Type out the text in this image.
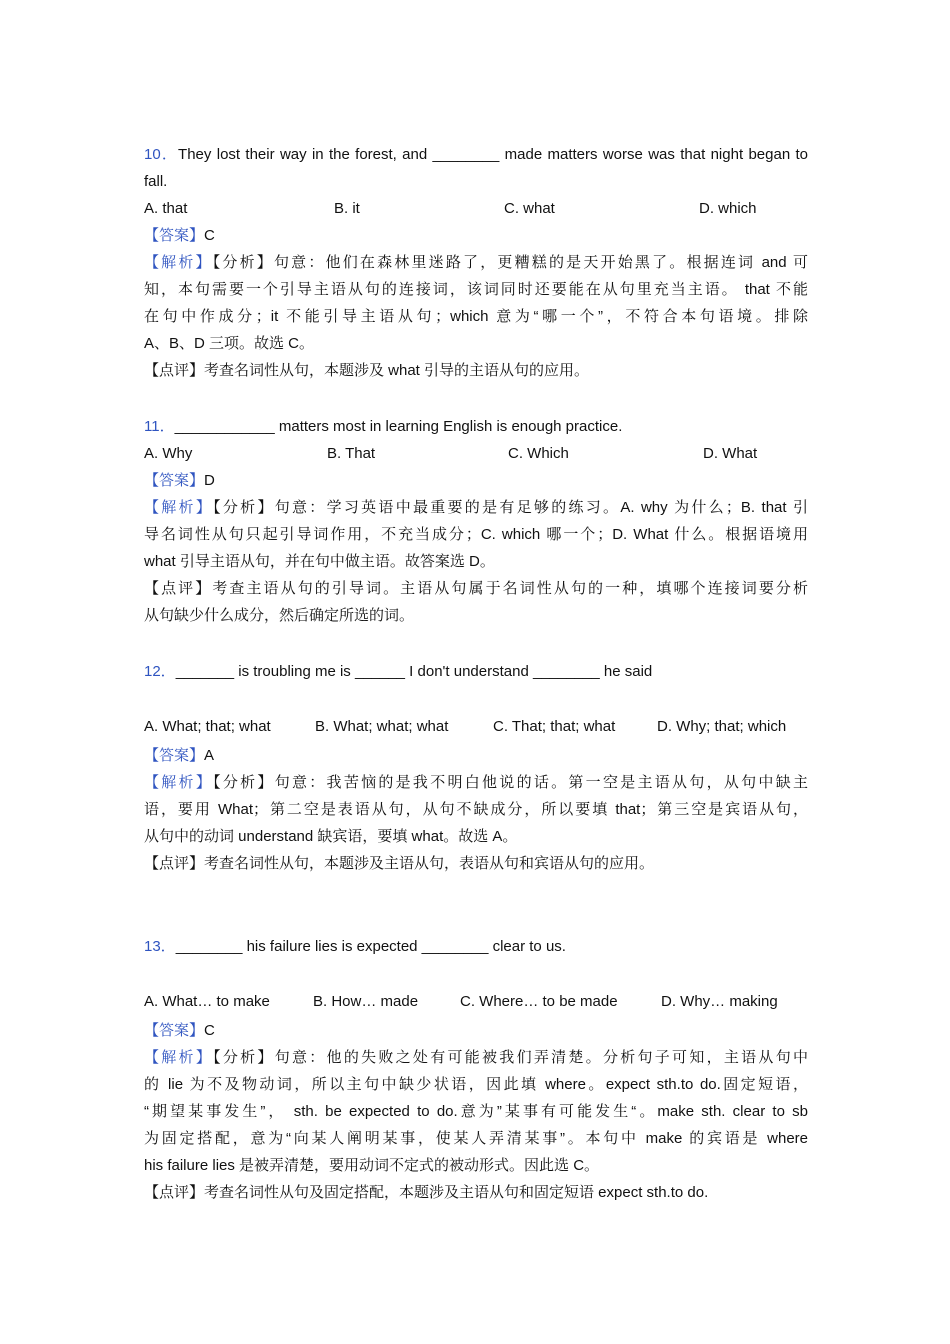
10．They lost their way in the forest, and ________ made matters worse was that night began to
fall.
A. that	B. it	C. what	D. which
【答案】C
【解析】【分析】句意：他们在森林里迷路了，更糟糕的是天开始黑了。根据连词 and 可
知，本句需要一个引导主语从句的连接词，该词同时还要能在从句里充当主语。 that 不能
在句中作成分；it 不能引导主语从句；which 意为“哪一个”，不符合本句语境。排除
A、B、D 三项。故选 C。
【点评】考查名词性从句，本题涉及 what 引导的主语从句的应用。
11．____________ matters most in learning English is enough practice.
A. Why	B. That	C. Which	D. What
【答案】D
【解析】【分析】句意：学习英语中最重要的是有足够的练习。A. why 为什么；B. that 引
导名词性从句只起引导词作用，不充当成分；C. which 哪一个；D. What 什么。根据语境用
what 引导主语从句，并在句中做主语。故答案选 D。
【点评】考查主语从句的引导词。主语从句属于名词性从句的一种，填哪个连接词要分析
从句缺少什么成分，然后确定所选的词。
12．_______ is troubling me is ______ I don't understand ________ he said
A. What; that; what	B. What; what; what	C. That; that; what	D. Why; that; which
【答案】A
【解析】【分析】句意：我苦恼的是我不明白他说的话。第一空是主语从句，从句中缺主
语，要用 What；第二空是表语从句，从句不缺成分，所以要填 that；第三空是宾语从句，
从句中的动词 understand 缺宾语，要填 what。故选 A。
【点评】考查名词性从句，本题涉及主语从句，表语从句和宾语从句的应用。
13．________ his failure lies is expected ________ clear to us.
A. What… to make	B. How… made	C. Where… to be made	D. Why… making
【答案】C
【解析】【分析】句意：他的失败之处有可能被我们弄清楚。分析句子可知，主语从句中
的 lie 为不及物动词，所以主句中缺少状语，因此填 where。expect sth.to do.固定短语，
“期望某事发生”， sth. be expected to do.意为”某事有可能发生“。make sth. clear to sb
为固定搭配，意为“向某人阐明某事，使某人弄清某事”。本句中 make 的宾语是 where
his failure lies 是被弄清楚，要用动词不定式的被动形式。因此选 C。
【点评】考查名词性从句及固定搭配，本题涉及主语从句和固定短语 expect sth.to do.
